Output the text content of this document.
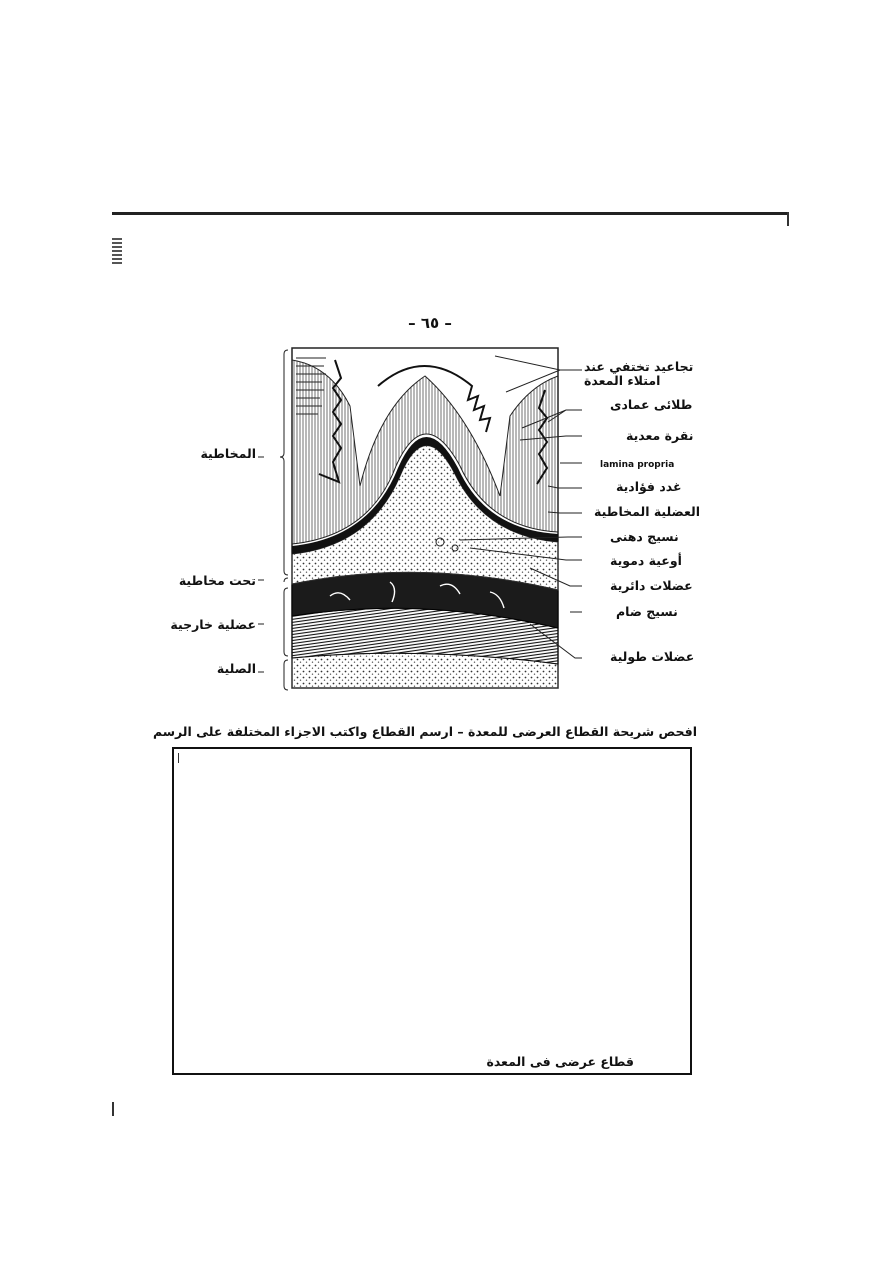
– ٦٥ –
المخاطية
تحت مخاطية
عضلية خارجية
الصلية
تجاعيد تختفي عند
امتلاء المعدة
طلائى عمادى
نقرة معدية
lamina propria
غدد فؤادية
العضلية المخاطية
نسيج دهنى
أوعية دموية
عضلات دائرية
نسيج ضام
عضلات طولية
افحص شريحة القطاع العرضى للمعدة – ارسم القطاع واكتب الاجزاء المختلفة على الرسم
قطاع عرضى فى المعدة
